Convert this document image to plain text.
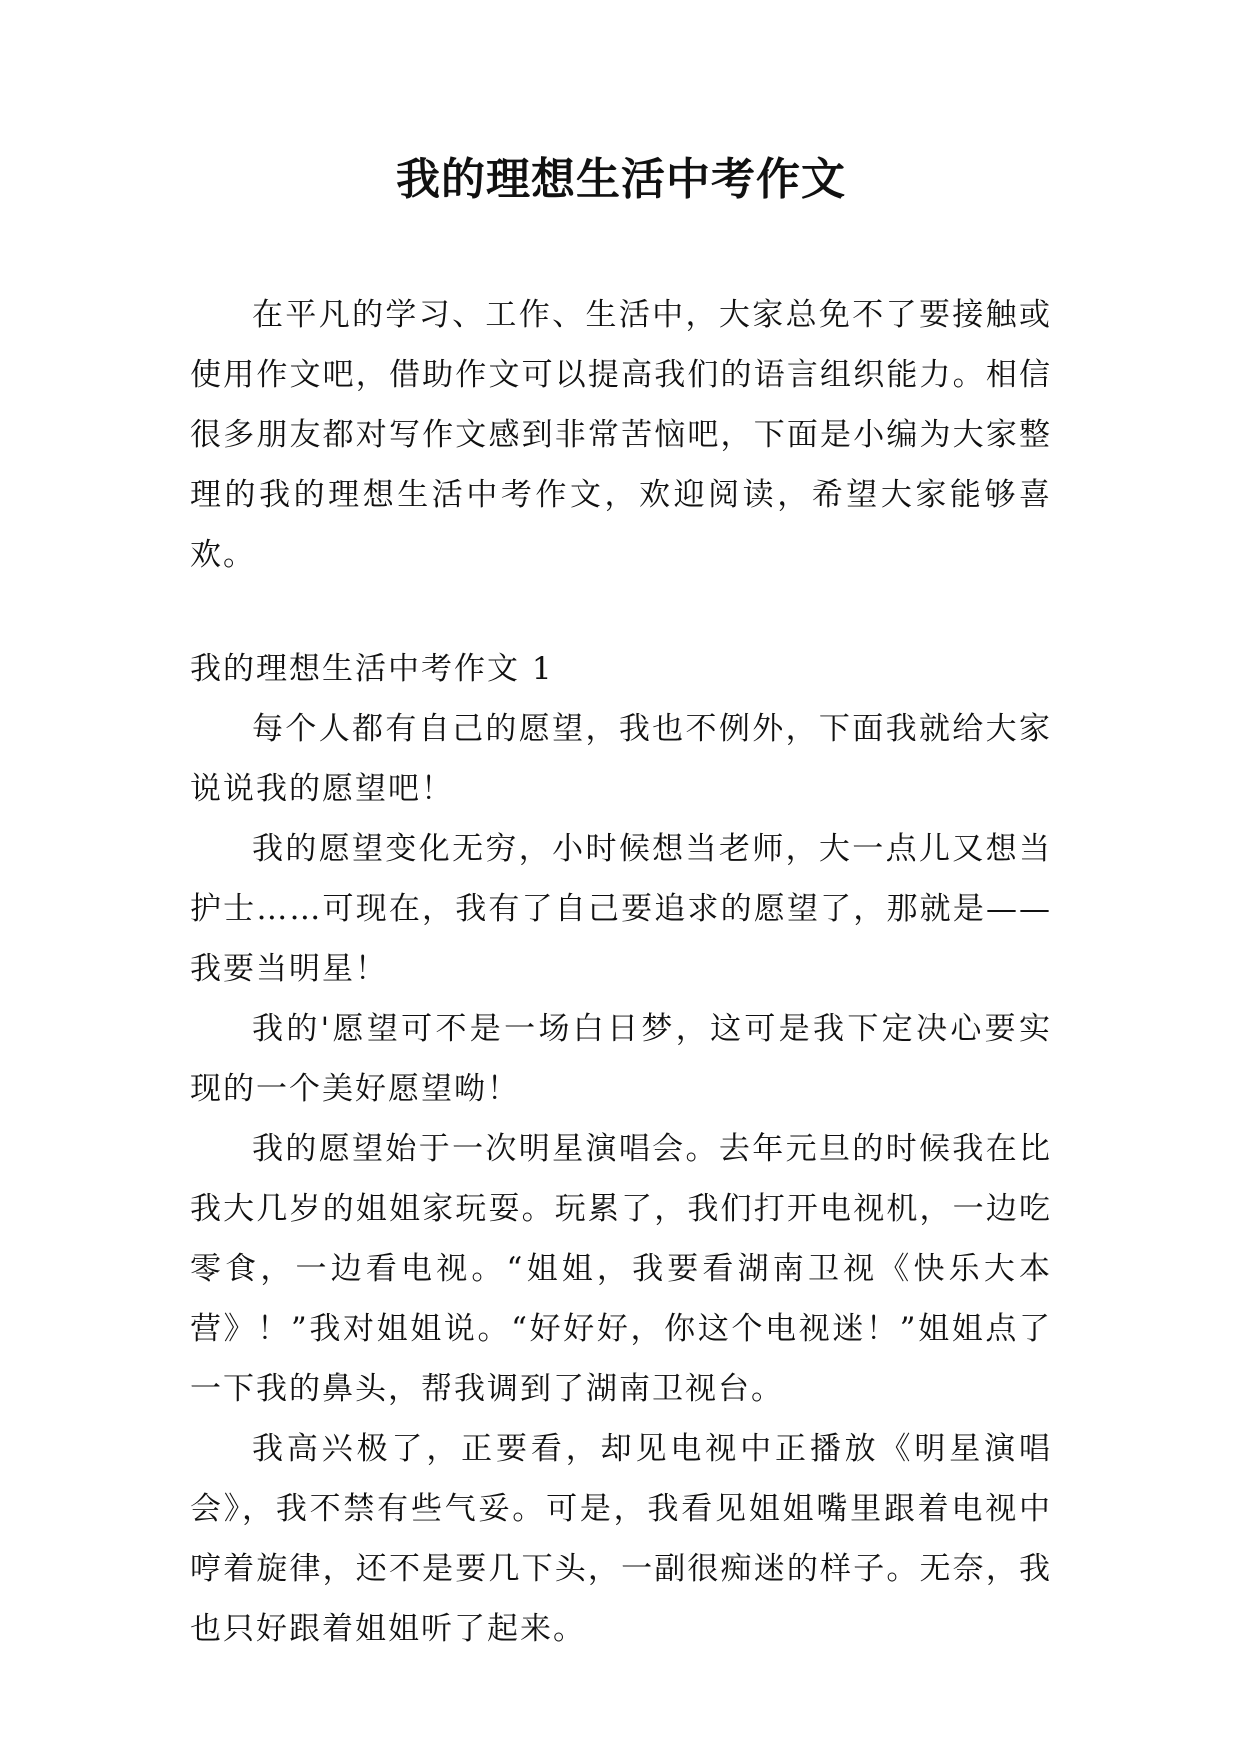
我的理想生活中考作文

在平凡的学习、工作、生活中，大家总免不了要接触或使用作文吧，借助作文可以提高我们的语言组织能力。相信很多朋友都对写作文感到非常苦恼吧，下面是小编为大家整理的我的理想生活中考作文，欢迎阅读，希望大家能够喜欢。

我的理想生活中考作文 1

每个人都有自己的愿望，我也不例外，下面我就给大家说说我的愿望吧！

我的愿望变化无穷，小时候想当老师，大一点儿又想当护士……可现在，我有了自己要追求的愿望了，那就是——我要当明星！

我的'愿望可不是一场白日梦，这可是我下定决心要实现的一个美好愿望呦！

我的愿望始于一次明星演唱会。去年元旦的时候我在比我大几岁的姐姐家玩耍。玩累了，我们打开电视机，一边吃零食，一边看电视。“姐姐，我要看湖南卫视《快乐大本营》！”我对姐姐说。“好好好，你这个电视迷！”姐姐点了一下我的鼻头，帮我调到了湖南卫视台。

我高兴极了，正要看，却见电视中正播放《明星演唱会》，我不禁有些气妥。可是，我看见姐姐嘴里跟着电视中哼着旋律，还不是要几下头，一副很痴迷的样子。无奈，我也只好跟着姐姐听了起来。
